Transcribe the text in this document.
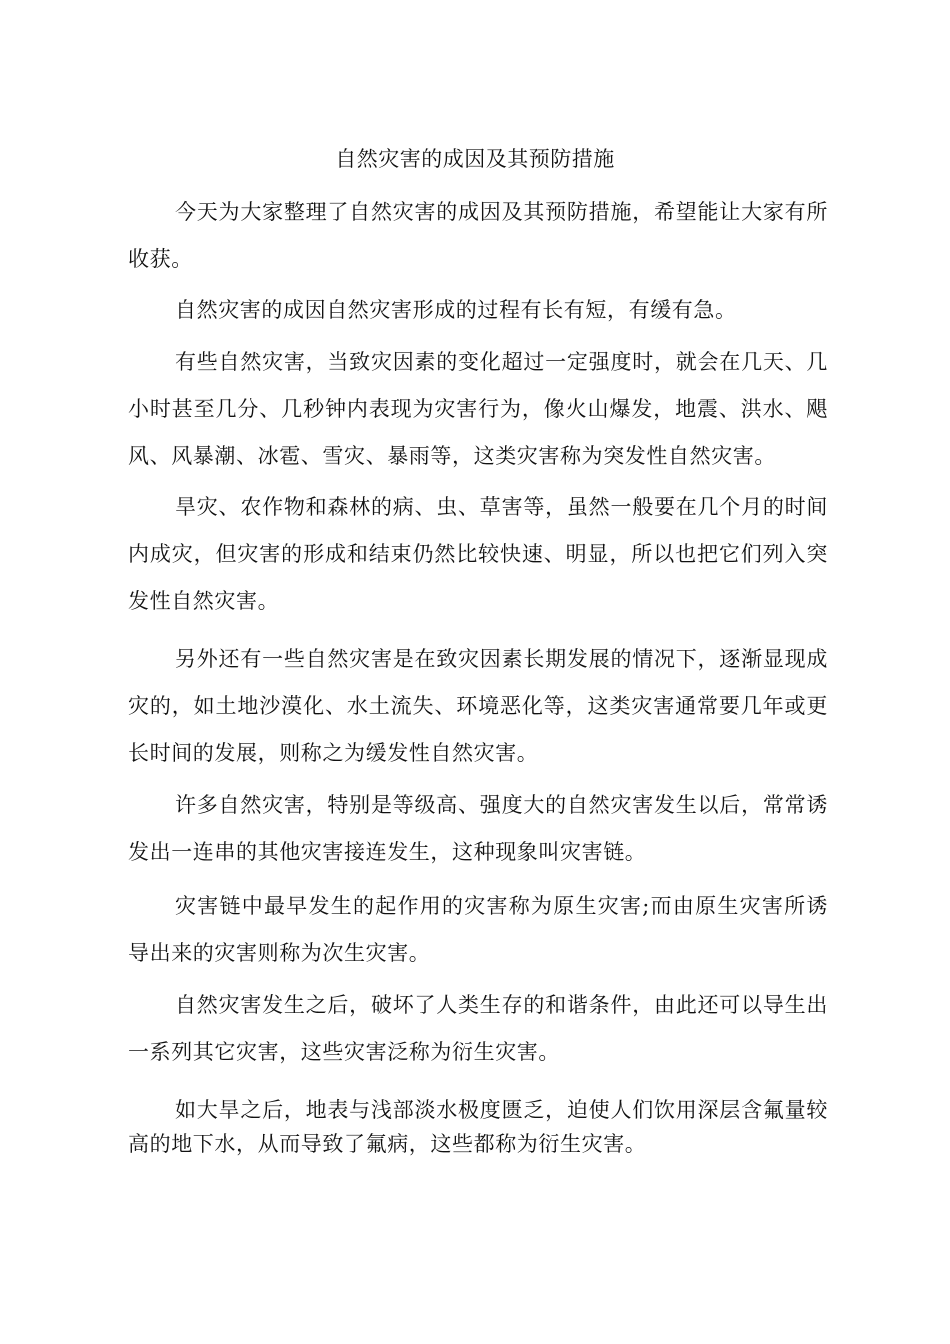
自然灾害的成因及其预防措施

今天为大家整理了自然灾害的成因及其预防措施，希望能让大家有所收获。

自然灾害的成因自然灾害形成的过程有长有短，有缓有急。

有些自然灾害，当致灾因素的变化超过一定强度时，就会在几天、几小时甚至几分、几秒钟内表现为灾害行为，像火山爆发，地震、洪水、飓风、风暴潮、冰雹、雪灾、暴雨等，这类灾害称为突发性自然灾害。

旱灾、农作物和森林的病、虫、草害等，虽然一般要在几个月的时间内成灾，但灾害的形成和结束仍然比较快速、明显，所以也把它们列入突发性自然灾害。

另外还有一些自然灾害是在致灾因素长期发展的情况下，逐渐显现成灾的，如土地沙漠化、水土流失、环境恶化等，这类灾害通常要几年或更长时间的发展，则称之为缓发性自然灾害。

许多自然灾害，特别是等级高、强度大的自然灾害发生以后，常常诱发出一连串的其他灾害接连发生，这种现象叫灾害链。

灾害链中最早发生的起作用的灾害称为原生灾害;而由原生灾害所诱导出来的灾害则称为次生灾害。

自然灾害发生之后，破坏了人类生存的和谐条件，由此还可以导生出一系列其它灾害，这些灾害泛称为衍生灾害。

如大旱之后，地表与浅部淡水极度匮乏，迫使人们饮用深层含氟量较高的地下水，从而导致了氟病，这些都称为衍生灾害。
